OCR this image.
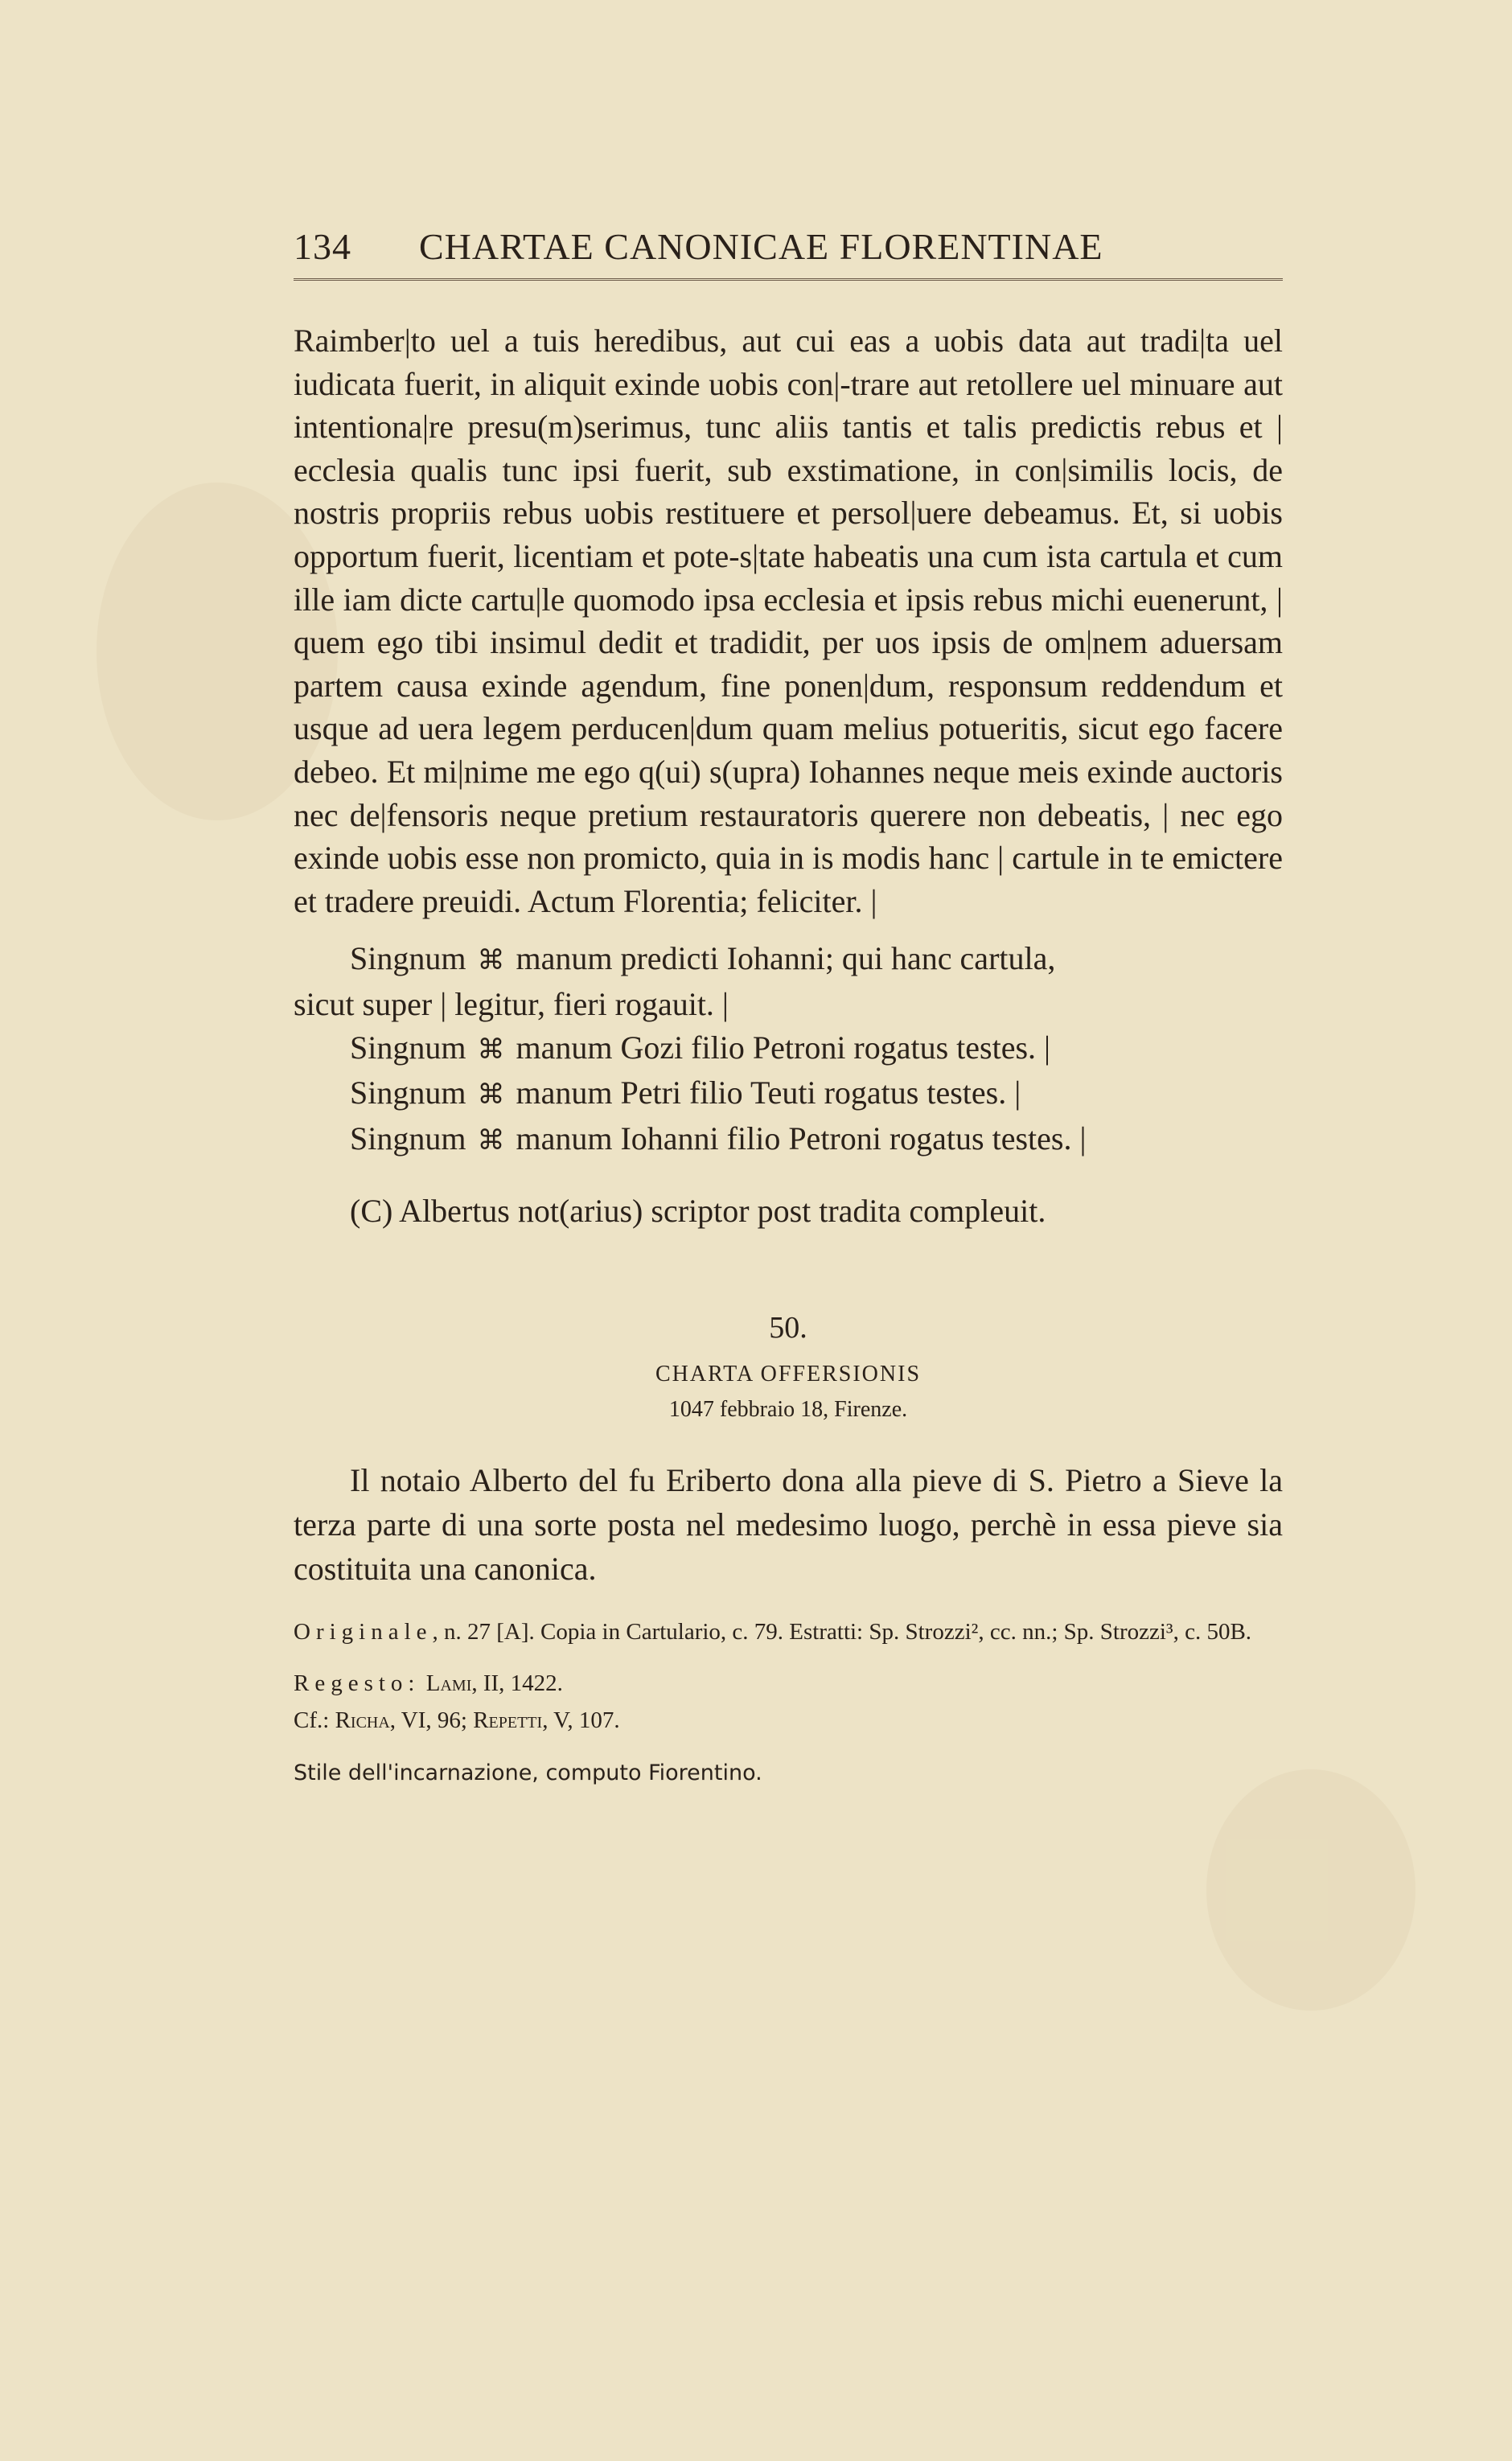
134 CHARTAE CANONICAE FLORENTINAE

Raimber|to uel a tuis heredibus, aut cui eas a uobis data aut tradi|ta uel iudicata fuerit, in aliquit exinde uobis con|-trare aut retollere uel minuare aut intentiona|re presu(m)serimus, tunc aliis tantis et talis predictis rebus et | ecclesia qualis tunc ipsi fuerit, sub exstimatione, in con|similis locis, de nostris propriis rebus uobis restituere et persol|uere debeamus. Et, si uobis opportum fuerit, licentiam et pote-s|tate habeatis una cum ista cartula et cum ille iam dicte cartu|le quomodo ipsa ecclesia et ipsis rebus michi euenerunt, | quem ego tibi insimul dedit et tradidit, per uos ipsis de om|nem aduersam partem causa exinde agendum, fine ponen|dum, responsum reddendum et usque ad uera legem perducen|dum quam melius potueritis, sicut ego facere debeo. Et mi|nime me ego q(ui) s(upra) Iohannes neque meis exinde auctoris nec de|fensoris neque pretium restauratoris querere non debeatis, | nec ego exinde uobis esse non promicto, quia in is modis hanc | cartule in te emictere et tradere preuidi. Actum Florentia; feliciter. |

Singnum ⌘ manum predicti Iohanni; qui hanc cartula,
sicut super | legitur, fieri rogauit. |
Singnum ⌘ manum Gozi filio Petroni rogatus testes. |
Singnum ⌘ manum Petri filio Teuti rogatus testes. |
Singnum ⌘ manum Iohanni filio Petroni rogatus testes. |
(C) Albertus not(arius) scriptor post tradita compleuit.
50.
CHARTA OFFERSIONIS
1047 febbraio 18, Firenze.
Il notaio Alberto del fu Eriberto dona alla pieve di S. Pietro a Sieve la terza parte di una sorte posta nel medesimo luogo, perchè in essa pieve sia costituita una canonica.

Originale, n. 27 [A]. Copia in Cartulario, c. 79. Estratti: Sp. Strozzi², cc. nn.; Sp. Strozzi³, c. 50B.

Regesto: Lami, II, 1422.

Cf.: Richa, VI, 96; Repetti, V, 107.

Stile dell'incarnazione, computo Fiorentino.
